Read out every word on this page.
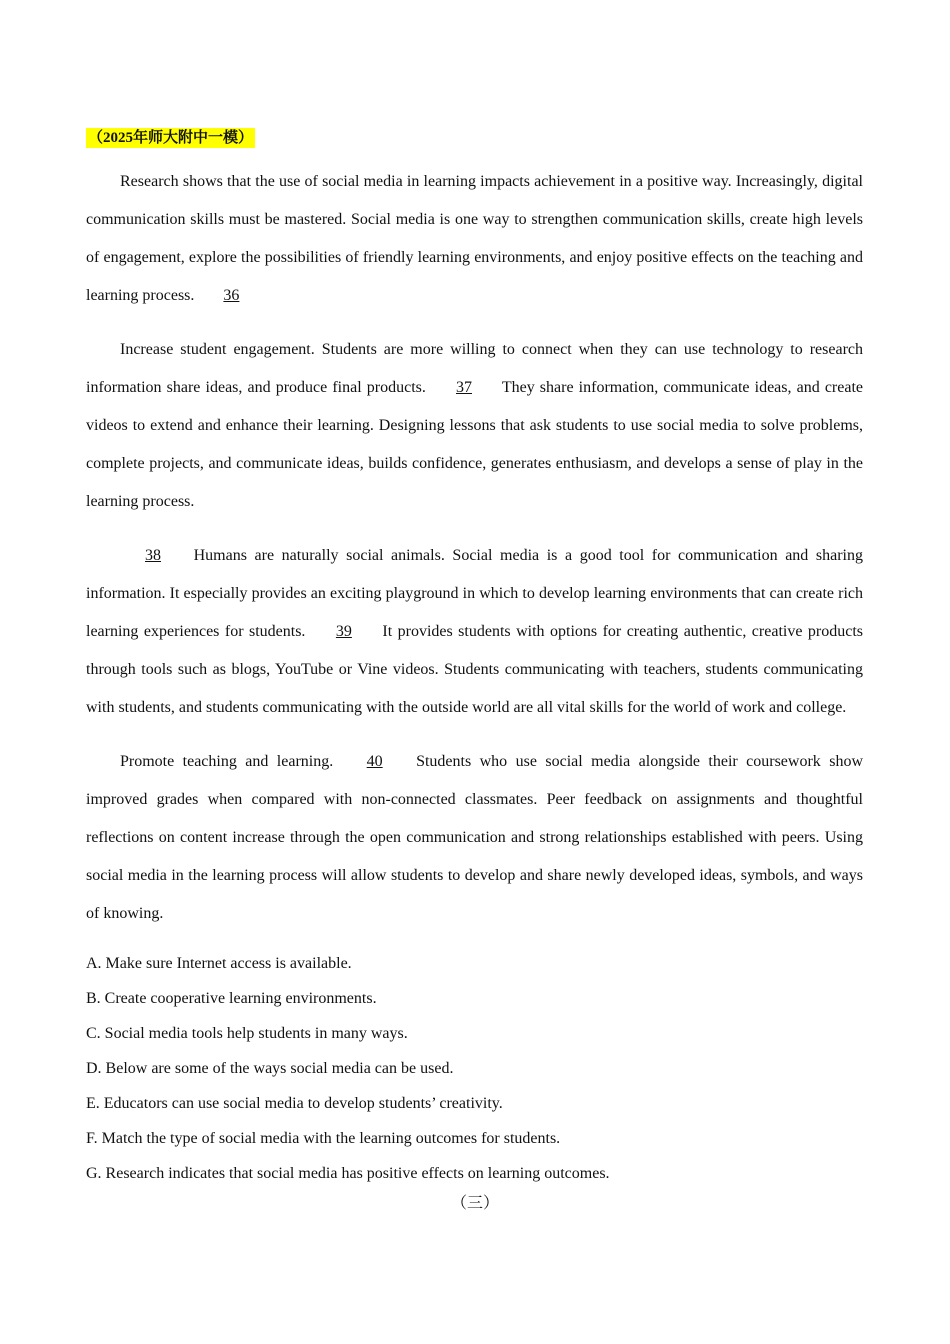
（2025年师大附中一模）

Research shows that the use of social media in learning impacts achievement in a positive way. Increasingly, digital communication skills must be mastered. Social media is one way to strengthen communication skills, create high levels of engagement, explore the possibilities of friendly learning environments, and enjoy positive effects on the teaching and learning process. 36

Increase student engagement. Students are more willing to connect when they can use technology to research information share ideas, and produce final products. 37 They share information, communicate ideas, and create videos to extend and enhance their learning. Designing lessons that ask students to use social media to solve problems, complete projects, and communicate ideas, builds confidence, generates enthusiasm, and develops a sense of play in the learning process.

38 Humans are naturally social animals. Social media is a good tool for communication and sharing information. It especially provides an exciting playground in which to develop learning environments that can create rich learning experiences for students. 39 It provides students with options for creating authentic, creative products through tools such as blogs, YouTube or Vine videos. Students communicating with teachers, students communicating with students, and students communicating with the outside world are all vital skills for the world of work and college.

Promote teaching and learning. 40 Students who use social media alongside their coursework show improved grades when compared with non-connected classmates. Peer feedback on assignments and thoughtful reflections on content increase through the open communication and strong relationships established with peers. Using social media in the learning process will allow students to develop and share newly developed ideas, symbols, and ways of knowing.

A. Make sure Internet access is available.
B. Create cooperative learning environments.
C. Social media tools help students in many ways.
D. Below are some of the ways social media can be used.
E. Educators can use social media to develop students’ creativity.
F. Match the type of social media with the learning outcomes for students.
G. Research indicates that social media has positive effects on learning outcomes.
（三）
